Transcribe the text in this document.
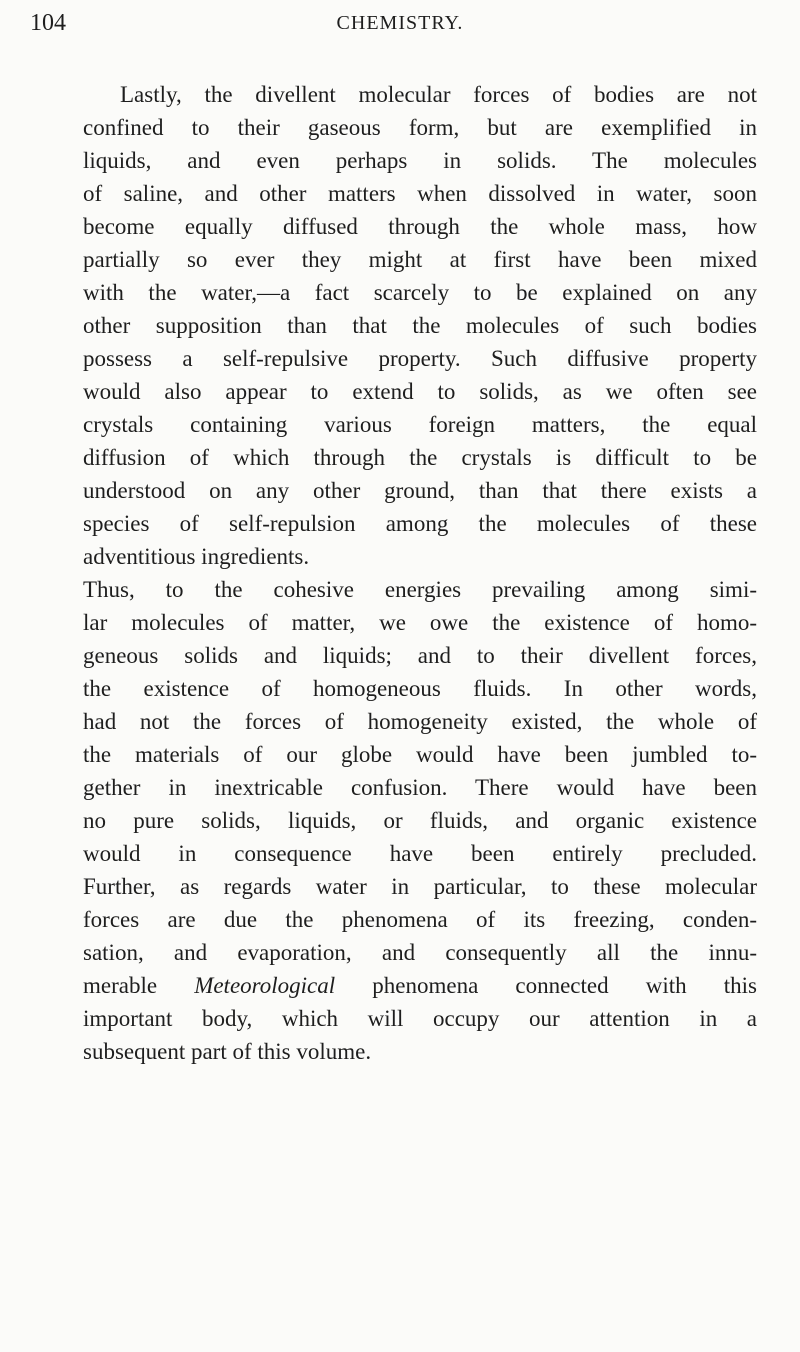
104	CHEMISTRY.
Lastly, the divellent molecular forces of bodies are not
confined to their gaseous form, but are exemplified in
liquids, and even perhaps in solids. The molecules
of saline, and other matters when dissolved in water, soon
become equally diffused through the whole mass, how
partially so ever they might at first have been mixed
with the water,—a fact scarcely to be explained on any
other supposition than that the molecules of such bodies
possess a self-repulsive property. Such diffusive property
would also appear to extend to solids, as we often see
crystals containing various foreign matters, the equal
diffusion of which through the crystals is difficult to be
understood on any other ground, than that there exists a
species of self-repulsion among the molecules of these
adventitious ingredients.
Thus, to the cohesive energies prevailing among simi-
lar molecules of matter, we owe the existence of homo-
geneous solids and liquids; and to their divellent forces,
the existence of homogeneous fluids. In other words,
had not the forces of homogeneity existed, the whole of
the materials of our globe would have been jumbled to-
gether in inextricable confusion. There would have been
no pure solids, liquids, or fluids, and organic existence
would in consequence have been entirely precluded.
Further, as regards water in particular, to these molecular
forces are due the phenomena of its freezing, conden-
sation, and evaporation, and consequently all the innu-
merable Meteorological phenomena connected with this
important body, which will occupy our attention in a
subsequent part of this volume.
